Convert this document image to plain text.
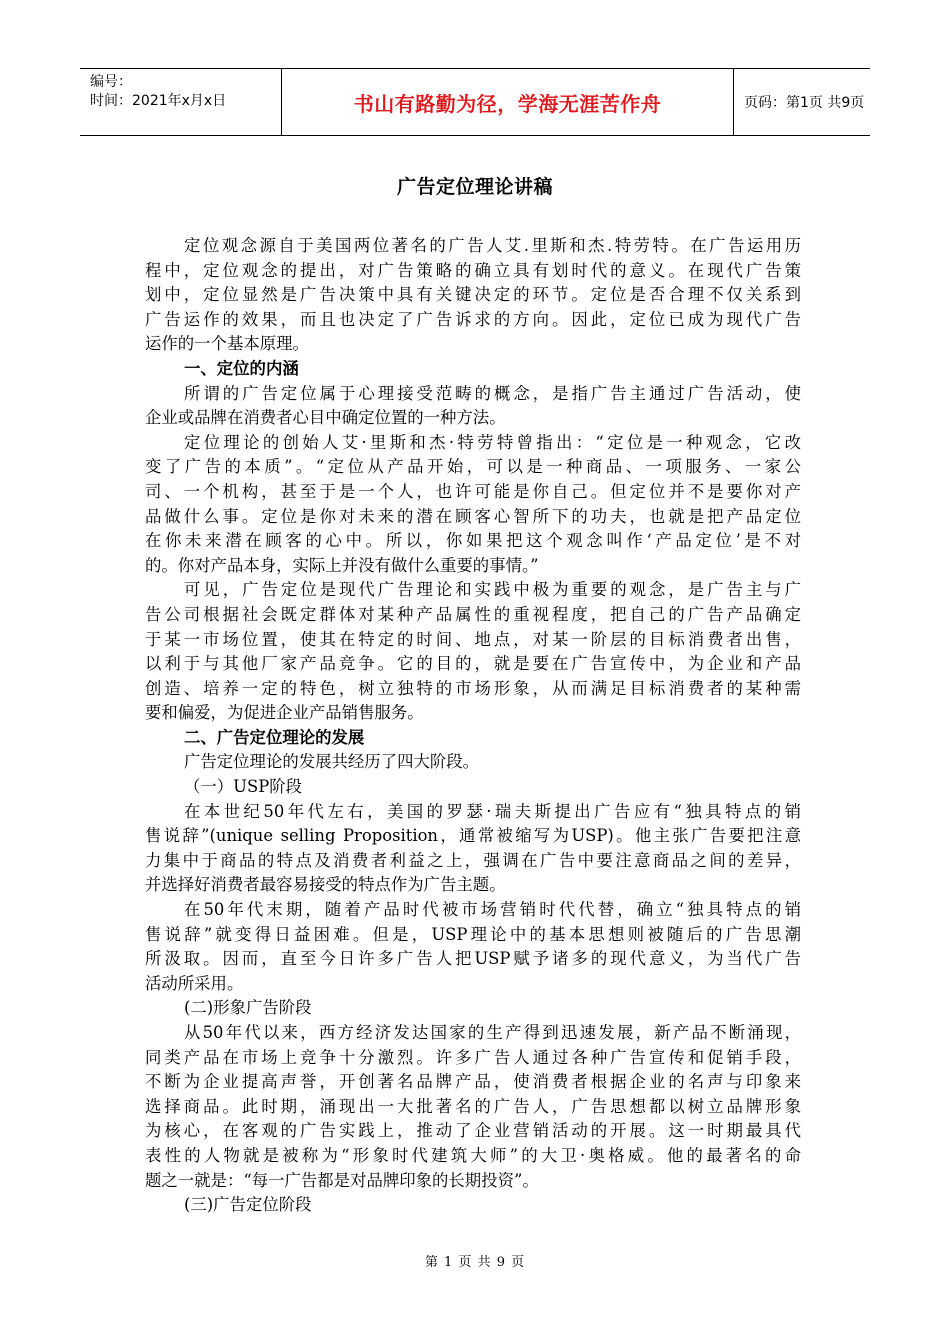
编号：
时间：2021年x月x日	书山有路勤为径，学海无涯苦作舟	页码：第1页 共9页
广告定位理论讲稿
定位观念源自于美国两位著名的广告人艾.里斯和杰.特劳特。在广告运用历
程中，定位观念的提出，对广告策略的确立具有划时代的意义。在现代广告策
划中，定位显然是广告决策中具有关键决定的环节。定位是否合理不仅关系到
广告运作的效果，而且也决定了广告诉求的方向。因此，定位已成为现代广告
运作的一个基本原理。
一、定位的内涵
所谓的广告定位属于心理接受范畴的概念，是指广告主通过广告活动，使
企业或品牌在消费者心目中确定位置的一种方法。
定位理论的创始人艾·里斯和杰·特劳特曾指出：“定位是一种观念，它改
变了广告的本质”。“定位从产品开始，可以是一种商品、一项服务、一家公
司、一个机构，甚至于是一个人，也许可能是你自己。但定位并不是要你对产
品做什么事。定位是你对未来的潜在顾客心智所下的功夫，也就是把产品定位
在你未来潜在顾客的心中。所以，你如果把这个观念叫作‘产品定位’是不对
的。你对产品本身，实际上并没有做什么重要的事情。”
可见，广告定位是现代广告理论和实践中极为重要的观念，是广告主与广
告公司根据社会既定群体对某种产品属性的重视程度，把自己的广告产品确定
于某一市场位置，使其在特定的时间、地点，对某一阶层的目标消费者出售，
以利于与其他厂家产品竞争。它的目的，就是要在广告宣传中，为企业和产品
创造、培养一定的特色，树立独特的市场形象，从而满足目标消费者的某种需
要和偏爱，为促进企业产品销售服务。
二、广告定位理论的发展
广告定位理论的发展共经历了四大阶段。
（一）USP阶段
在本世纪50年代左右，美国的罗瑟·瑞夫斯提出广告应有“独具特点的销
售说辞”(unique selling Proposition，通常被缩写为USP)。他主张广告要把注意
力集中于商品的特点及消费者利益之上，强调在广告中要注意商品之间的差异，
并选择好消费者最容易接受的特点作为广告主题。
在50年代末期，随着产品时代被市场营销时代代替，确立“独具特点的销
售说辞”就变得日益困难。但是，USP理论中的基本思想则被随后的广告思潮
所汲取。因而，直至今日许多广告人把USP赋予诸多的现代意义，为当代广告
活动所采用。
(二)形象广告阶段
从50年代以来，西方经济发达国家的生产得到迅速发展，新产品不断涌现，
同类产品在市场上竞争十分激烈。许多广告人通过各种广告宣传和促销手段，
不断为企业提高声誉，开创著名品牌产品，使消费者根据企业的名声与印象来
选择商品。此时期，涌现出一大批著名的广告人，广告思想都以树立品牌形象
为核心，在客观的广告实践上，推动了企业营销活动的开展。这一时期最具代
表性的人物就是被称为“形象时代建筑大师”的大卫·奥格威。他的最著名的命
题之一就是：“每一广告都是对品牌印象的长期投资”。
(三)广告定位阶段
第 1 页 共 9 页
